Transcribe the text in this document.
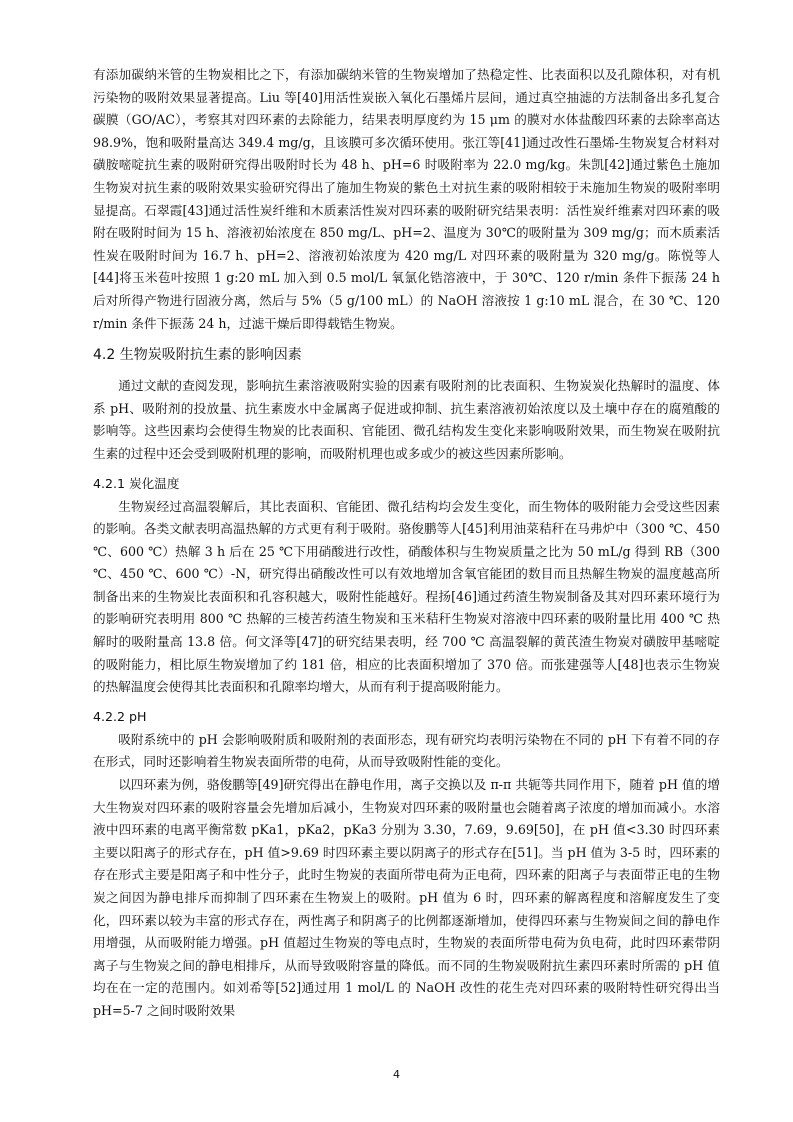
有添加碳纳米管的生物炭相比之下，有添加碳纳米管的生物炭增加了热稳定性、比表面积以及孔隙体积，对有机污染物的吸附效果显著提高。Liu 等[40]用活性炭嵌入氧化石墨烯片层间，通过真空抽滤的方法制备出多孔复合碳膜（GO/AC），考察其对四环素的去除能力，结果表明厚度约为 15 μm 的膜对水体盐酸四环素的去除率高达 98.9%，饱和吸附量高达 349.4 mg/g，且该膜可多次循环使用。张江等[41]通过改性石墨烯-生物炭复合材料对磺胺嘧啶抗生素的吸附研究得出吸附时长为 48 h、pH=6 时吸附率为 22.0 mg/kg。朱凯[42]通过紫色土施加生物炭对抗生素的吸附效果实验研究得出了施加生物炭的紫色土对抗生素的吸附相较于未施加生物炭的吸附率明显提高。石翠霞[43]通过活性炭纤维和木质素活性炭对四环素的吸附研究结果表明：活性炭纤维素对四环素的吸附在吸附时间为 15 h、溶液初始浓度在 850 mg/L、pH=2、温度为 30℃的吸附量为 309 mg/g；而木质素活性炭在吸附时间为 16.7 h、pH=2、溶液初始浓度为 420 mg/L 对四环素的吸附量为 320 mg/g。陈悦等人[44]将玉米苞叶按照 1 g:20 mL 加入到 0.5 mol/L 氧氯化锆溶液中，于 30℃、120 r/min 条件下振荡 24 h 后对所得产物进行固液分离，然后与 5%（5 g/100 mL）的 NaOH 溶液按 1 g:10 mL 混合，在 30 ℃、120 r/min 条件下振荡 24 h，过滤干燥后即得载锆生物炭。

4.2 生物炭吸附抗生素的影响因素

通过文献的查阅发现，影响抗生素溶液吸附实验的因素有吸附剂的比表面积、生物炭炭化热解时的温度、体系 pH、吸附剂的投放量、抗生素废水中金属离子促进或抑制、抗生素溶液初始浓度以及土壤中存在的腐殖酸的影响等。这些因素均会使得生物炭的比表面积、官能团、微孔结构发生变化来影响吸附效果，而生物炭在吸附抗生素的过程中还会受到吸附机理的影响，而吸附机理也或多或少的被这些因素所影响。

4.2.1 炭化温度

生物炭经过高温裂解后，其比表面积、官能团、微孔结构均会发生变化，而生物体的吸附能力会受这些因素的影响。各类文献表明高温热解的方式更有利于吸附。骆俊鹏等人[45]利用油菜秸秆在马弗炉中（300 ℃、450 ℃、600 ℃）热解 3 h 后在 25 ℃下用硝酸进行改性，硝酸体积与生物炭质量之比为 50 mL/g 得到 RB（300 ℃、450 ℃、600 ℃）-N，研究得出硝酸改性可以有效地增加含氧官能团的数目而且热解生物炭的温度越高所制备出来的生物炭比表面积和孔容积越大，吸附性能越好。程扬[46]通过药渣生物炭制备及其对四环素环境行为的影响研究表明用 800 ℃ 热解的三棱苦药渣生物炭和玉米秸秆生物炭对溶液中四环素的吸附量比用 400 ℃ 热解时的吸附量高 13.8 倍。何文泽等[47]的研究结果表明，经 700 ℃ 高温裂解的黄芪渣生物炭对磺胺甲基嘧啶的吸附能力，相比原生物炭增加了约 181 倍，相应的比表面积增加了 370 倍。而张建强等人[48]也表示生物炭的热解温度会使得其比表面积和孔隙率均增大，从而有利于提高吸附能力。

4.2.2 pH

吸附系统中的 pH 会影响吸附质和吸附剂的表面形态，现有研究均表明污染物在不同的 pH 下有着不同的存在形式，同时还影响着生物炭表面所带的电荷，从而导致吸附性能的变化。

以四环素为例，骆俊鹏等[49]研究得出在静电作用，离子交换以及 π-π 共轭等共同作用下，随着 pH 值的增大生物炭对四环素的吸附容量会先增加后减小，生物炭对四环素的吸附量也会随着离子浓度的增加而减小。水溶液中四环素的电离平衡常数 pKa1，pKa2，pKa3 分别为 3.30，7.69，9.69[50]，在 pH 值<3.30 时四环素主要以阳离子的形式存在，pH 值>9.69 时四环素主要以阴离子的形式存在[51]。当 pH 值为 3-5 时，四环素的存在形式主要是阳离子和中性分子，此时生物炭的表面所带电荷为正电荷，四环素的阳离子与表面带正电的生物炭之间因为静电排斥而抑制了四环素在生物炭上的吸附。pH 值为 6 时，四环素的解离程度和溶解度发生了变化，四环素以较为丰富的形式存在，两性离子和阴离子的比例都逐渐增加，使得四环素与生物炭间之间的静电作用增强，从而吸附能力增强。pH 值超过生物炭的等电点时，生物炭的表面所带电荷为负电荷，此时四环素带阴离子与生物炭之间的静电相排斥，从而导致吸附容量的降低。而不同的生物炭吸附抗生素四环素时所需的 pH 值均在在一定的范围内。如刘希等[52]通过用 1 mol/L 的 NaOH 改性的花生壳对四环素的吸附特性研究得出当 pH=5-7 之间时吸附效果

4
